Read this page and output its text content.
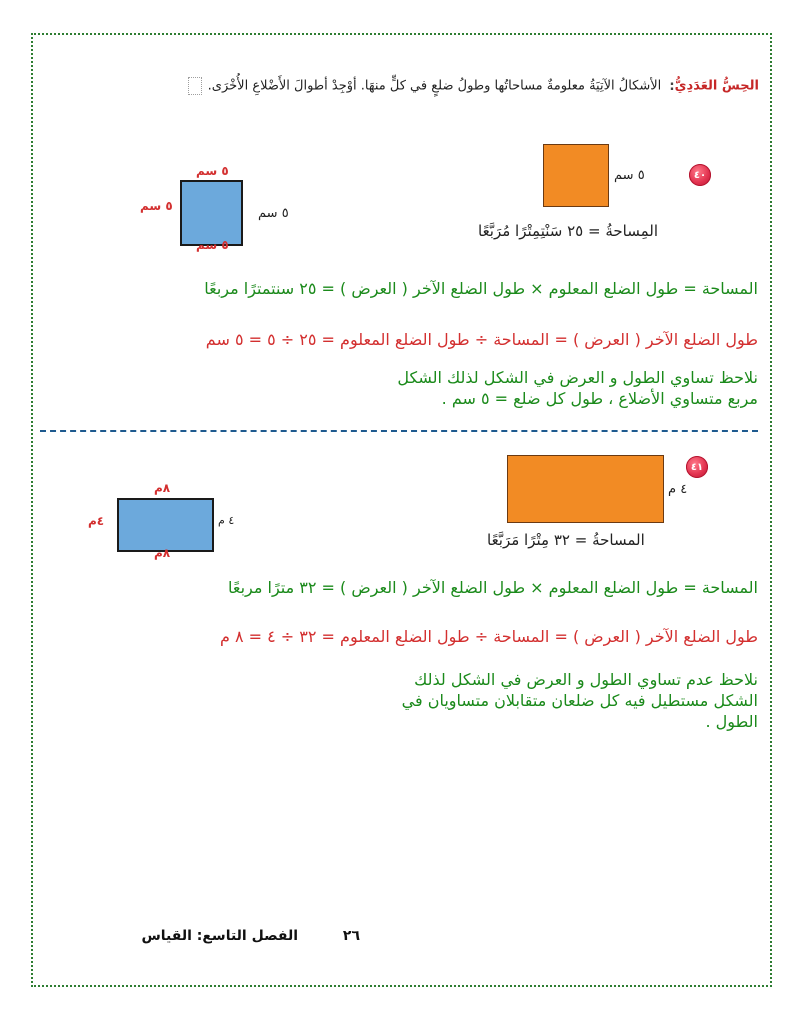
الحِسُّ العَدَدِيُّ: الأشكالُ الآتِيَةُ معلومةٌ مساحاتُها وطولُ ضلعٍ في كلٍّ منهَا. أوْجِدْ أطوالَ الأَضْلاعِ الأُخْرَى.
٤٠
٥ سم
المِساحةُ = ٢٥ سَنْتِمِتْرًا مُرَبَّعًا
٥ سم
٥ سم
٥ سم	٥ سم
المساحة = طول الضلع المعلوم × طول الضلع الآخر ( العرض ) = ٢٥ سنتمترًا مربعًا
طول الضلع الآخر ( العرض ) = المساحة ÷ طول الضلع المعلوم = ٢٥ ÷ ٥ = ٥ سم
نلاحظ تساوي الطول و العرض في الشكل لذلك الشكل مربع متساوي الأضلاع ، طول كل ضلع = ٥ سم .
٤١
٤ م
المساحةُ = ٣٢ مِتْرًا مَرَبَّعًا
٨م
٨م
٤م	٤ م
المساحة = طول الضلع المعلوم × طول الضلع الآخر ( العرض ) = ٣٢ مترًا مربعًا
طول الضلع الآخر ( العرض ) = المساحة ÷ طول الضلع المعلوم = ٣٢ ÷ ٤ = ٨ م
نلاحظ عدم تساوي الطول و العرض في الشكل لذلك الشكل مستطيل فيه كل ضلعان متقابلان متساويان في الطول .
٢٦ الفصل التاسع: القياس
